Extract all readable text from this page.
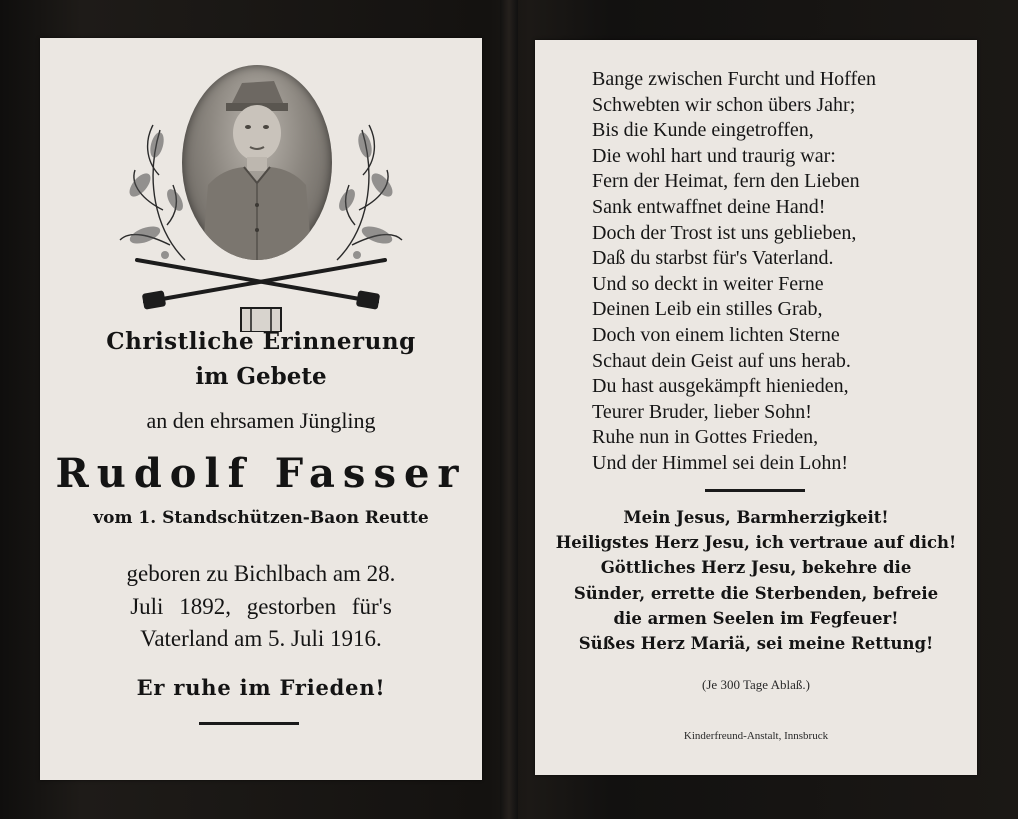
Christliche Erinnerung
im Gebete
an den ehrsamen Jüngling
Rudolf Fasser
vom 1. Standschützen-Baon Reutte
geboren zu Bichlbach am 28.
Juli 1892, gestorben für's
Vaterland am 5. Juli 1916.
Er ruhe im Frieden!
Bange zwischen Furcht und Hoffen
Schwebten wir schon übers Jahr;
Bis die Kunde eingetroffen,
Die wohl hart und traurig war:
Fern der Heimat, fern den Lieben
Sank entwaffnet deine Hand!
Doch der Trost ist uns geblieben,
Daß du starbst für's Vaterland.
Und so deckt in weiter Ferne
Deinen Leib ein stilles Grab,
Doch von einem lichten Sterne
Schaut dein Geist auf uns herab.
Du hast ausgekämpft hienieden,
Teurer Bruder, lieber Sohn!
Ruhe nun in Gottes Frieden,
Und der Himmel sei dein Lohn!
Mein Jesus, Barmherzigkeit!
Heiligstes Herz Jesu, ich vertraue auf dich!
Göttliches Herz Jesu, bekehre die
Sünder, errette die Sterbenden, befreie
die armen Seelen im Fegfeuer!
Süßes Herz Mariä, sei meine Rettung!
(Je 300 Tage Ablaß.)
Kinderfreund-Anstalt, Innsbruck
